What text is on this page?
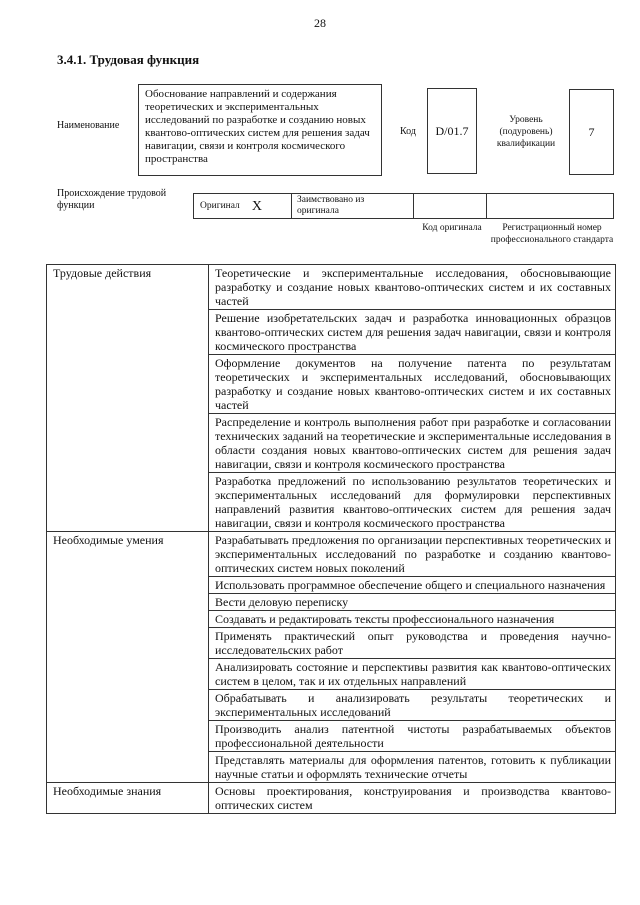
28
3.4.1. Трудовая функция
Наименование
Обоснование направлений и содержания теоретических и экспериментальных исследований по разработке и созданию новых квантово-оптических систем для решения задач навигации, связи и контроля космического пространства
Код	D/01.7
Уровень (подуровень) квалификации
7
Происхождение трудовой функции	Оригинал X	Заимствовано из оригинала
Код оригинала	Регистрационный номер профессионального стандарта
Трудовые действия	Теоретические и экспериментальные исследования, обосновывающие разработку и создание новых квантово-оптических систем и их составных частей
	Решение изобретательских задач и разработка инновационных образцов квантово-оптических систем для решения задач навигации, связи и контроля космического пространства
	Оформление документов на получение патента по результатам теоретических и экспериментальных исследований, обосновывающих разработку и создание новых квантово-оптических систем и их составных частей
	Распределение и контроль выполнения работ при разработке и согласовании технических заданий на теоретические и экспериментальные исследования в области создания новых квантово-оптических систем для решения задач навигации, связи и контроля космического пространства
	Разработка предложений по использованию результатов теоретических и экспериментальных исследований для формулировки перспективных направлений развития квантово-оптических систем для решения задач навигации, связи и контроля космического пространства
Необходимые умения	Разрабатывать предложения по организации перспективных теоретических и экспериментальных исследований по разработке и созданию квантово-оптических систем новых поколений
	Использовать программное обеспечение общего и специального назначения
	Вести деловую переписку
	Создавать и редактировать тексты профессионального назначения
	Применять практический опыт руководства и проведения научно-исследовательских работ
	Анализировать состояние и перспективы развития как квантово-оптических систем в целом, так и их отдельных направлений
	Обрабатывать и анализировать результаты теоретических и экспериментальных исследований
	Производить анализ патентной чистоты разрабатываемых объектов профессиональной деятельности
	Представлять материалы для оформления патентов, готовить к публикации научные статьи и оформлять технические отчеты
Необходимые знания	Основы проектирования, конструирования и производства квантово-оптических систем
